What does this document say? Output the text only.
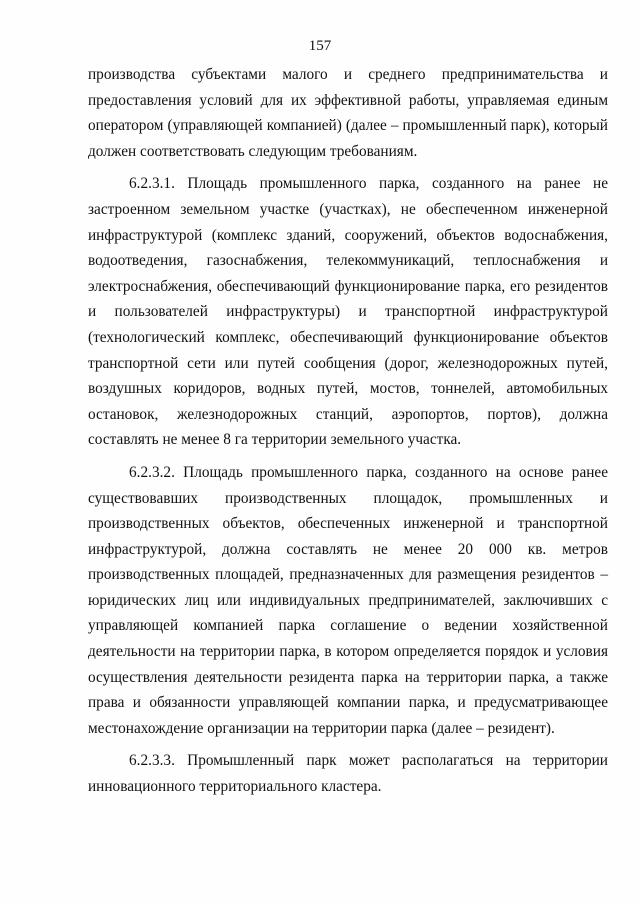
157

производства субъектами малого и среднего предпринимательства и предоставления условий для их эффективной работы, управляемая единым оператором (управляющей компанией) (далее – промышленный парк), который должен соответствовать следующим требованиям.

6.2.3.1. Площадь промышленного парка, созданного на ранее не застроенном земельном участке (участках), не обеспеченном инженерной инфраструктурой (комплекс зданий, сооружений, объектов водоснабжения, водоотведения, газоснабжения, телекоммуникаций, теплоснабжения и электроснабжения, обеспечивающий функционирование парка, его резидентов и пользователей инфраструктуры) и транспортной инфраструктурой (технологический комплекс, обеспечивающий функционирование объектов транспортной сети или путей сообщения (дорог, железнодорожных путей, воздушных коридоров, водных путей, мостов, тоннелей, автомобильных остановок, железнодорожных станций, аэропортов, портов), должна составлять не менее 8 га территории земельного участка.

6.2.3.2. Площадь промышленного парка, созданного на основе ранее существовавших производственных площадок, промышленных и производственных объектов, обеспеченных инженерной и транспортной инфраструктурой, должна составлять не менее 20 000 кв. метров производственных площадей, предназначенных для размещения резидентов – юридических лиц или индивидуальных предпринимателей, заключивших с управляющей компанией парка соглашение о ведении хозяйственной деятельности на территории парка, в котором определяется порядок и условия осуществления деятельности резидента парка на территории парка, а также права и обязанности управляющей компании парка, и предусматривающее местонахождение организации на территории парка (далее – резидент).

6.2.3.3. Промышленный парк может располагаться на территории инновационного территориального кластера.
